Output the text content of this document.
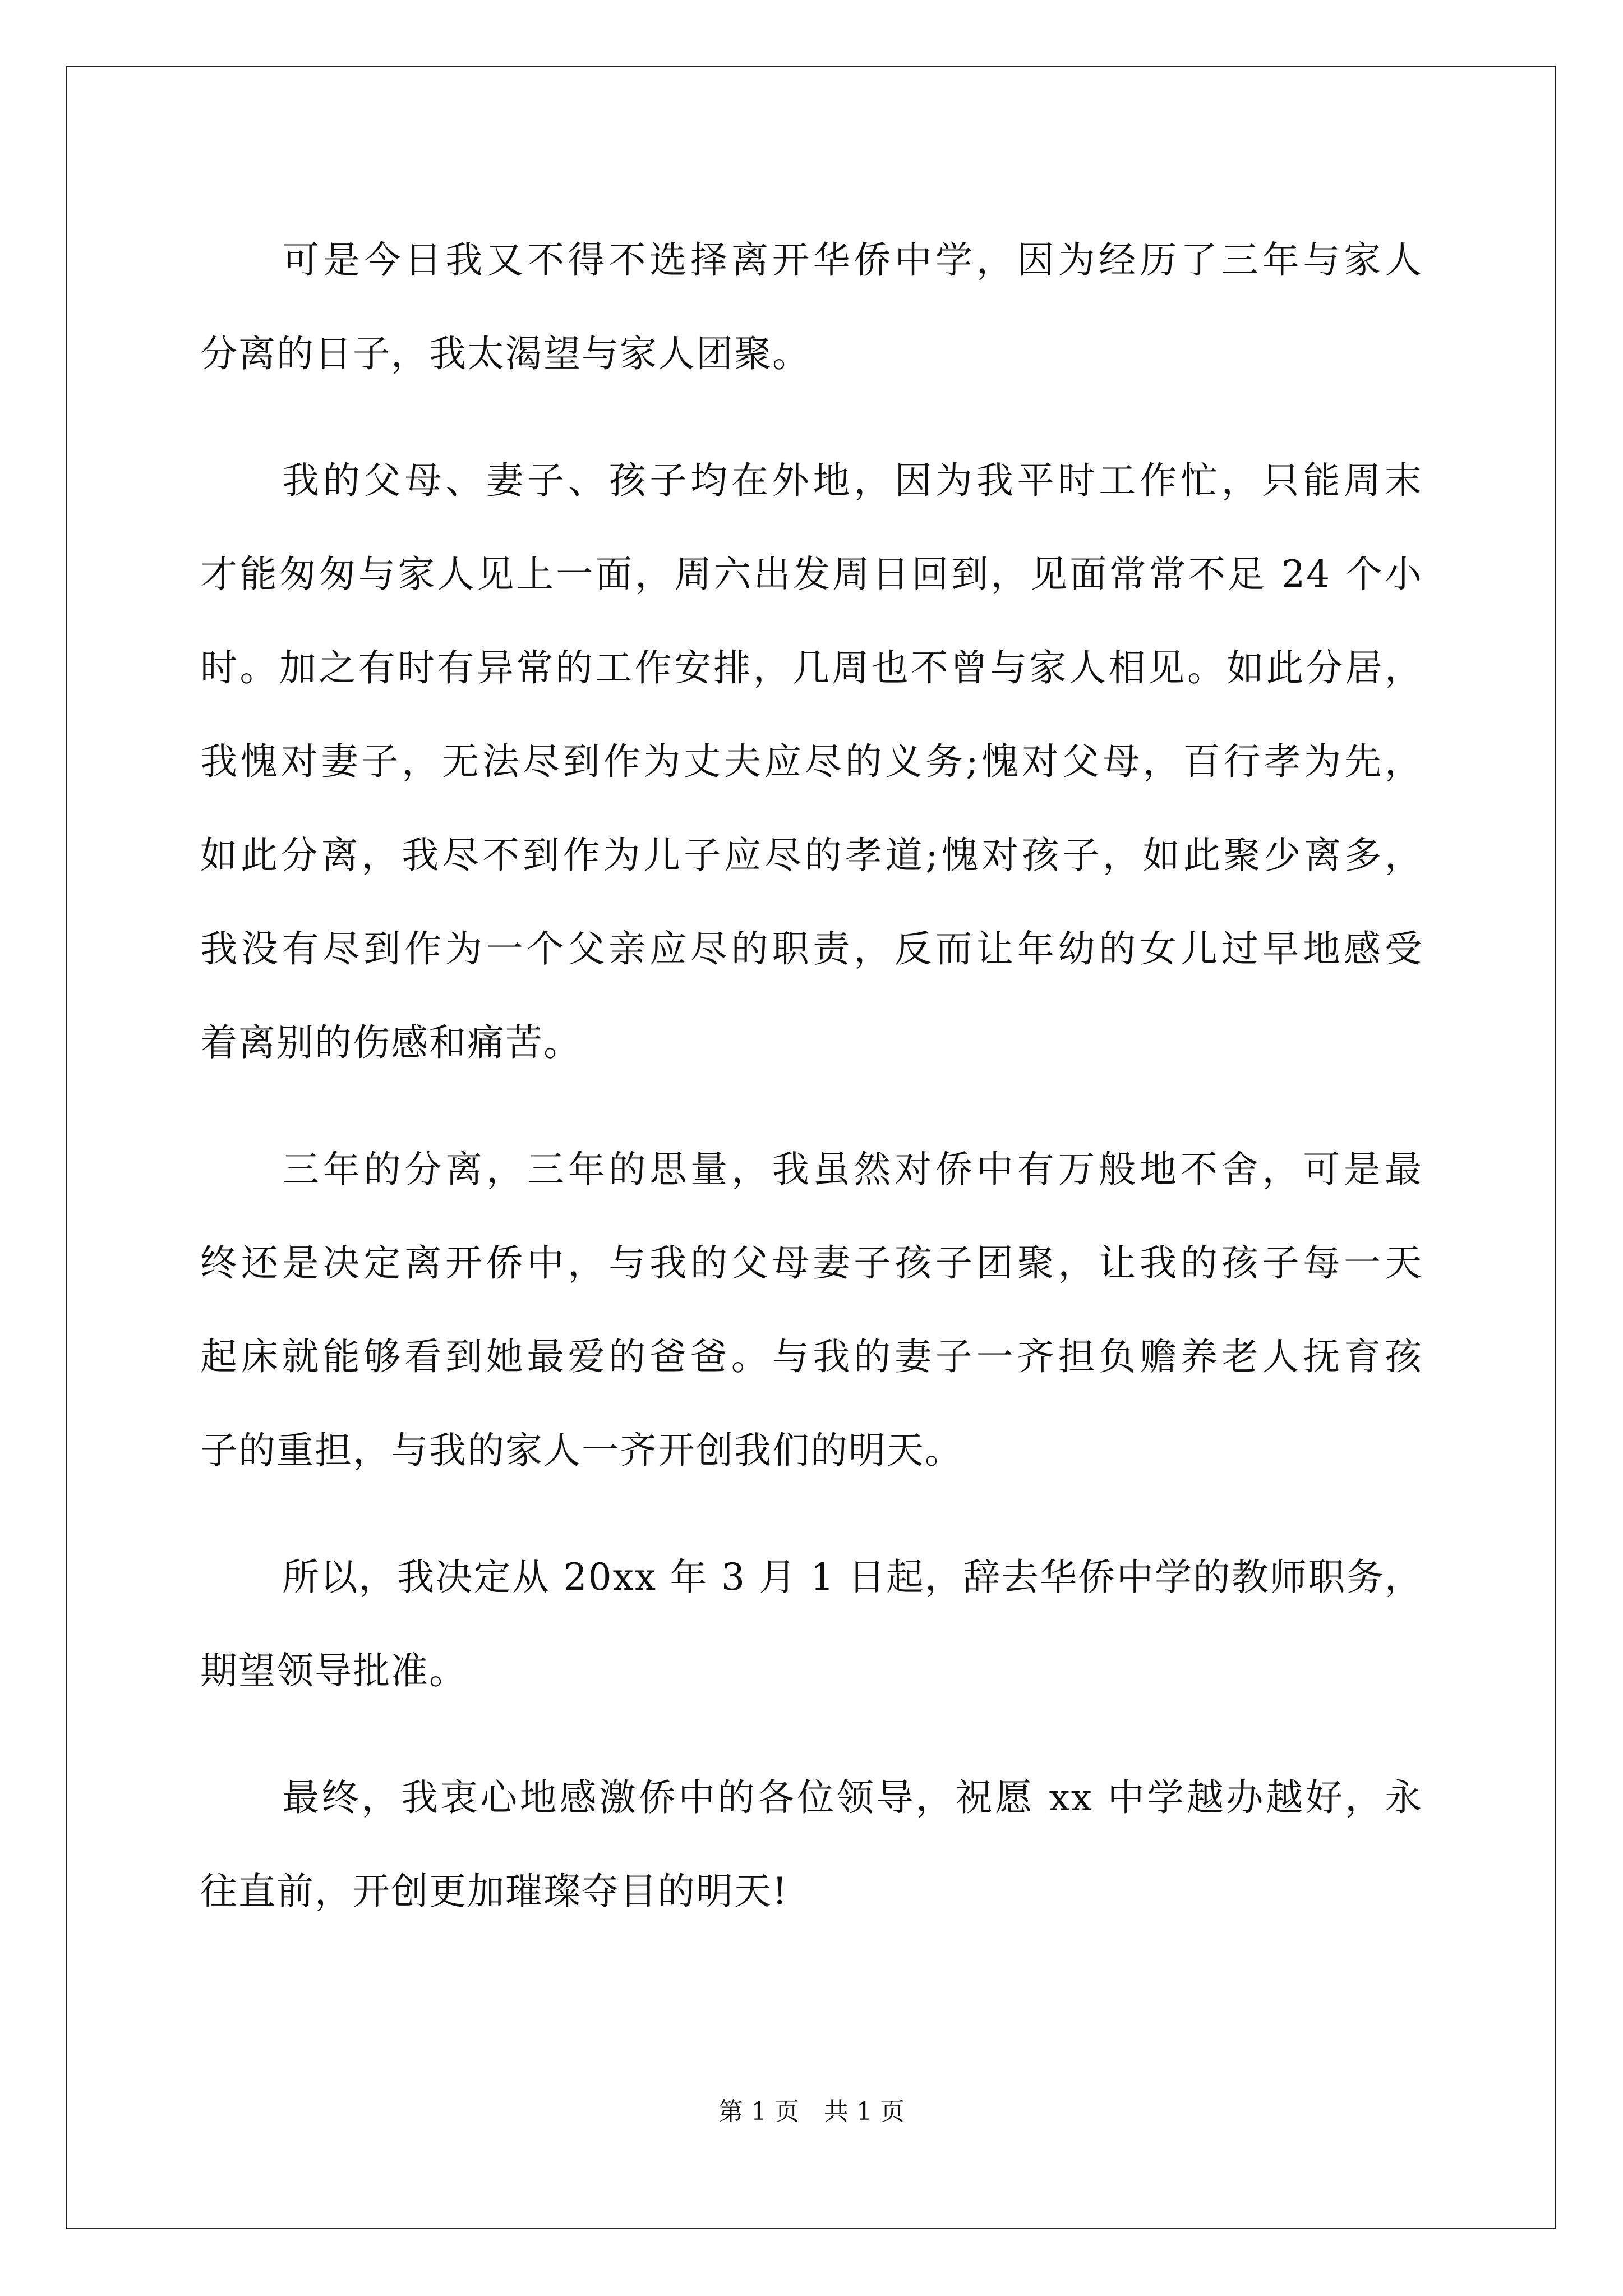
可是今日我又不得不选择离开华侨中学，因为经历了三年与家人
分离的日子，我太渴望与家人团聚。
我的父母、妻子、孩子均在外地，因为我平时工作忙，只能周末
才能匆匆与家人见上一面，周六出发周日回到，见面常常不足 24 个小
时。加之有时有异常的工作安排，几周也不曾与家人相见。如此分居，
我愧对妻子，无法尽到作为丈夫应尽的义务;愧对父母，百行孝为先，
如此分离，我尽不到作为儿子应尽的孝道;愧对孩子，如此聚少离多，
我没有尽到作为一个父亲应尽的职责，反而让年幼的女儿过早地感受
着离别的伤感和痛苦。
三年的分离，三年的思量，我虽然对侨中有万般地不舍，可是最
终还是决定离开侨中，与我的父母妻子孩子团聚，让我的孩子每一天
起床就能够看到她最爱的爸爸。与我的妻子一齐担负赡养老人抚育孩
子的重担，与我的家人一齐开创我们的明天。
所以，我决定从 20xx 年 3 月 1 日起，辞去华侨中学的教师职务，
期望领导批准。
最终，我衷心地感激侨中的各位领导，祝愿 xx 中学越办越好，永
往直前，开创更加璀璨夺目的明天!
第 1 页　共 1 页
